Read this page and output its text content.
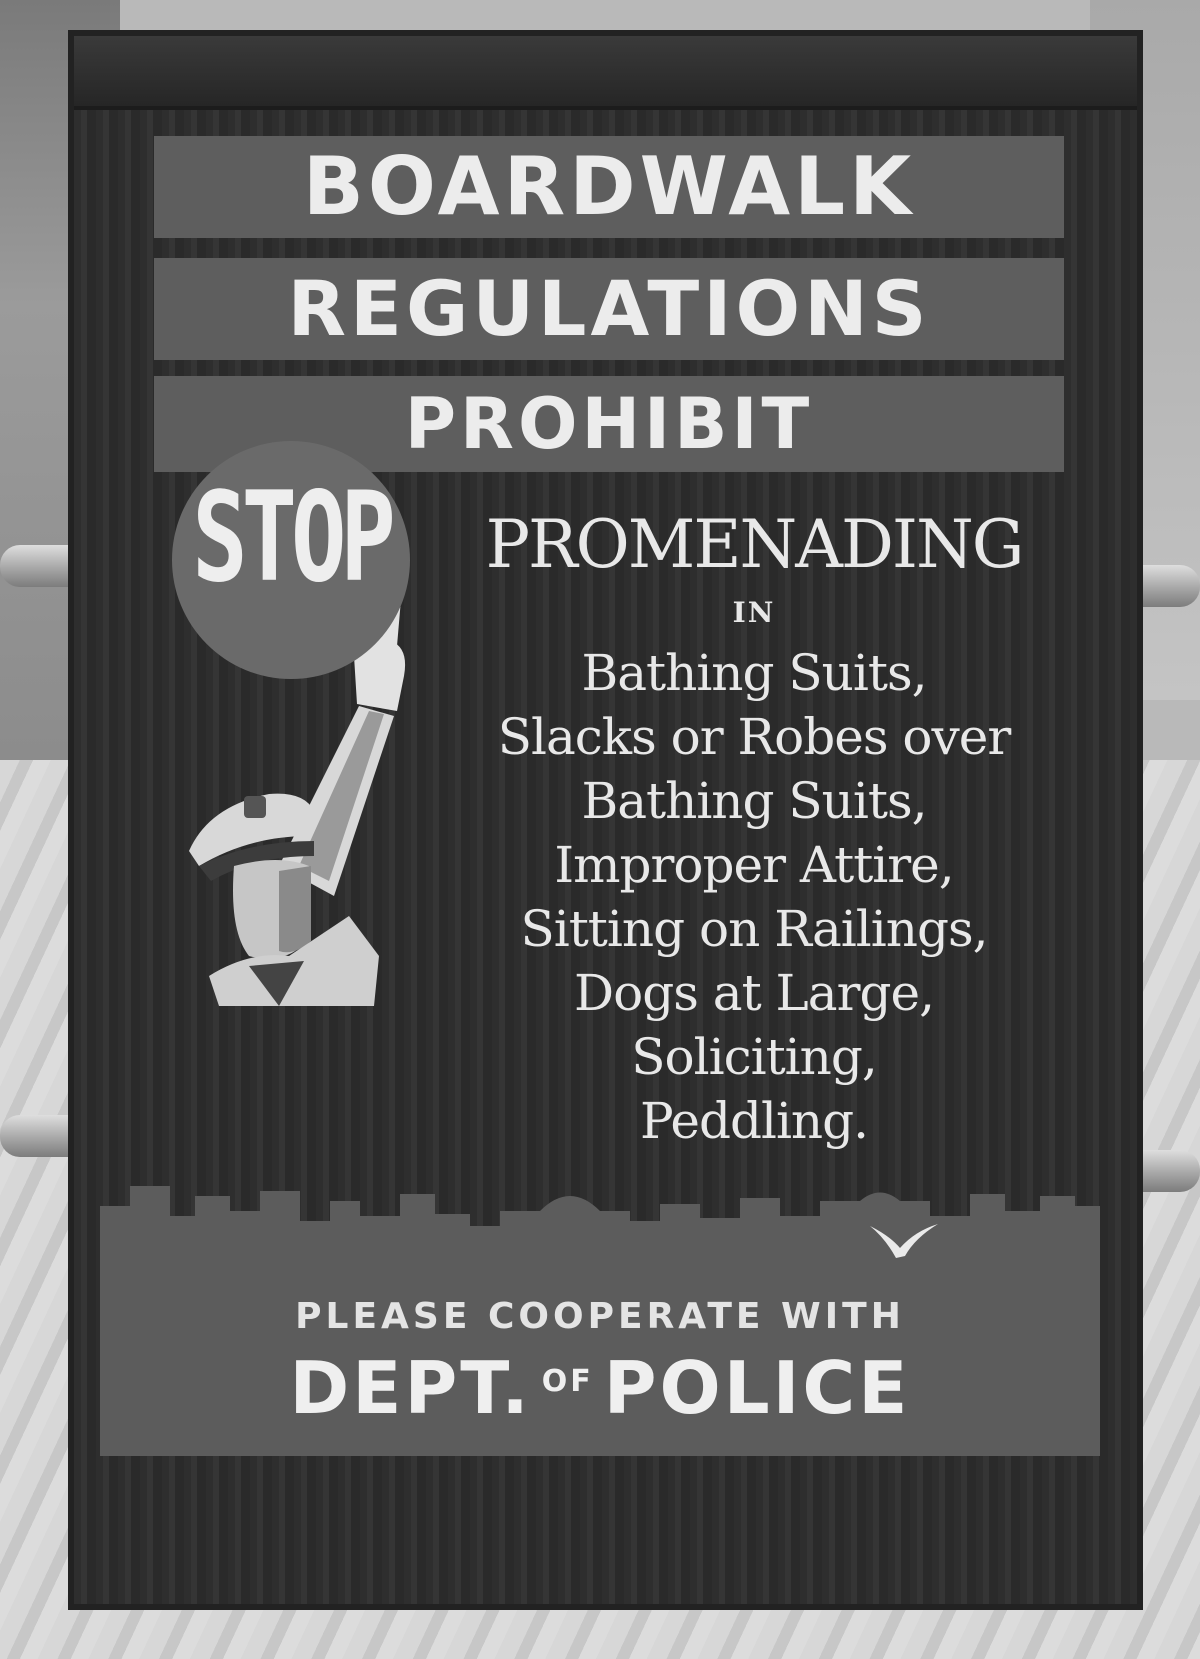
BOARDWALK
REGULATIONS
PROHIBIT
PROMENADING
IN
Bathing Suits,
Slacks or Robes over
Bathing Suits,
Improper Attire,
Sitting on Railings,
Dogs at Large,
Soliciting,
Peddling.
STOP
PLEASE COOPERATE WITH
DEPT. $^{OF}$ POLICE
